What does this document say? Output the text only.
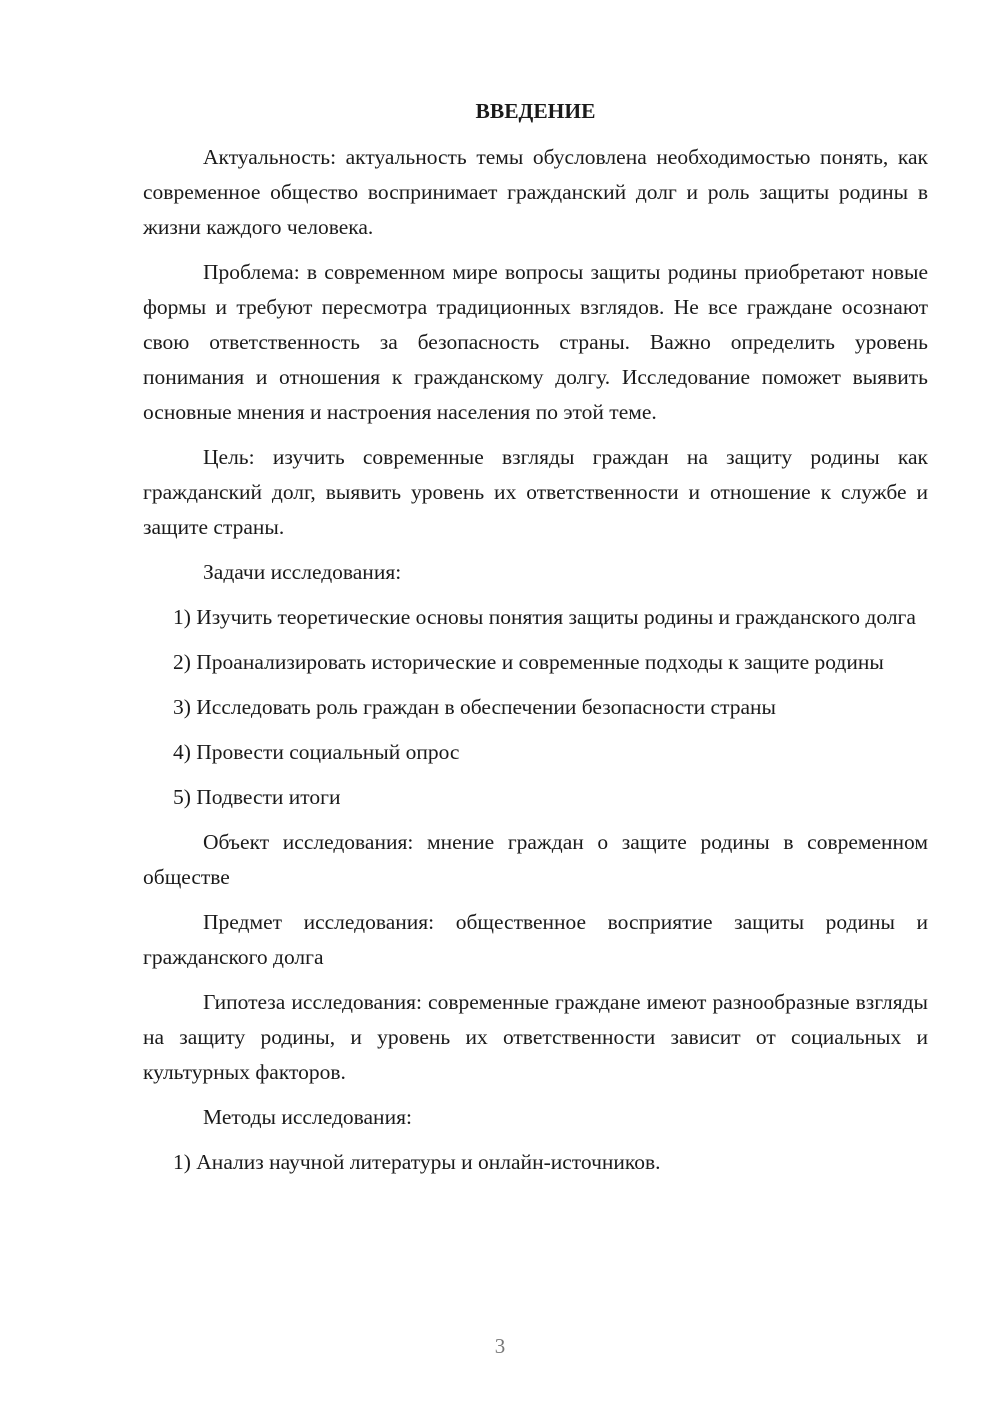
ВВЕДЕНИЕ

Актуальность: актуальность темы обусловлена необходимостью понять, как современное общество воспринимает гражданский долг и роль защиты родины в жизни каждого человека.

Проблема: в современном мире вопросы защиты родины приобретают новые формы и требуют пересмотра традиционных взглядов. Не все граждане осознают свою ответственность за безопасность страны. Важно определить уровень понимания и отношения к гражданскому долгу. Исследование поможет выявить основные мнения и настроения населения по этой теме.

Цель: изучить современные взгляды граждан на защиту родины как гражданский долг, выявить уровень их ответственности и отношение к службе и защите страны.

Задачи исследования:

1) Изучить теоретические основы понятия защиты родины и гражданского долга

2) Проанализировать исторические и современные подходы к защите родины

3) Исследовать роль граждан в обеспечении безопасности страны

4) Провести социальный опрос

5) Подвести итоги

Объект исследования: мнение граждан о защите родины в современном обществе

Предмет исследования: общественное восприятие защиты родины и гражданского долга

Гипотеза исследования: современные граждане имеют разнообразные взгляды на защиту родины, и уровень их ответственности зависит от социальных и культурных факторов.

Методы исследования:

1) Анализ научной литературы и онлайн-источников.

3
